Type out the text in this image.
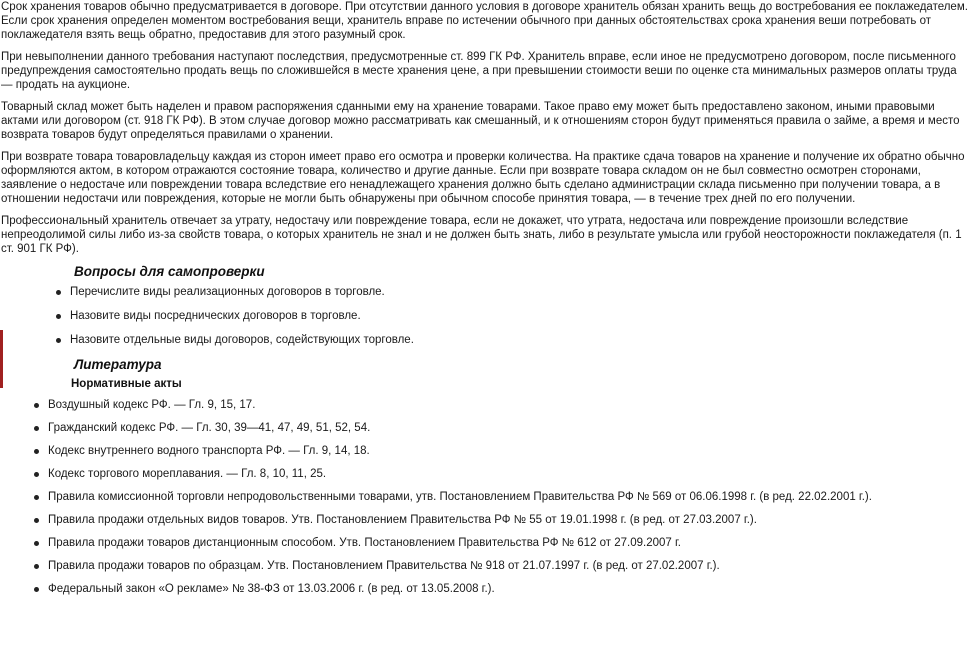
Срок хранения товаров обычно предусматривается в договоре. При отсутствии данного условия в договоре хранитель обязан хранить вещь до востребования ее поклажедателем. Если срок хранения определен моментом востребования вещи, хранитель вправе по истечении обычного при данных обстоятельствах срока хранения веши потребовать от поклажедателя взять вещь обратно, предоставив для этого разумный срок.

При невыполнении данного требования наступают последствия, предусмотренные ст. 899 ГК РФ. Хранитель вправе, если иное не предусмотрено договором, после письменного предупреждения самостоятельно продать вещь по сложившейся в месте хранения цене, а при превышении стоимости веши по оценке ста минимальных размеров оплаты труда — продать на аукционе.

Товарный склад может быть наделен и правом распоряжения сданными ему на хранение товарами. Такое право ему может быть предоставлено законом, иными правовыми актами или договором (ст. 918 ГК РФ). В этом случае договор можно рассматривать как смешанный, и к отношениям сторон будут применяться правила о займе, а время и место возврата товаров будут определяться правилами о хранении.

При возврате товара товаровладельцу каждая из сторон имеет право его осмотра и проверки количества. На практике сдача товаров на хранение и получение их обратно обычно оформляются актом, в котором отражаются состояние товара, количество и другие данные. Если при возврате товара складом он не был совместно осмотрен сторонами, заявление о недостаче или повреждении товара вследствие его ненадлежащего хранения должно быть сделано администрации склада письменно при получении товара, а в отношении недостачи или повреждения, которые не могли быть обнаружены при обычном способе принятия товара, — в течение трех дней по его получении.

Профессиональный хранитель отвечает за утрату, недостачу или повреждение товара, если не докажет, что утрата, недостача или повреждение произошли вследствие непреодолимой силы либо из-за свойств товара, о которых хранитель не знал и не должен быть знать, либо в результате умысла или грубой неосторожности поклажедателя (п. 1 ст. 901 ГК РФ).

Вопросы для самопроверки
Перечислите виды реализационных договоров в торговле.
Назовите виды посреднических договоров в торговле.
Назовите отдельные виды договоров, содействующих торговле.
Литература
Нормативные акты
Воздушный кодекс РФ. — Гл. 9, 15, 17.
Гражданский кодекс РФ. — Гл. 30, 39—41, 47, 49, 51, 52, 54.
Кодекс внутреннего водного транспорта РФ. — Гл. 9, 14, 18.
Кодекс торгового мореплавания. — Гл. 8, 10, 11, 25.
Правила комиссионной торговли непродовольственными товарами, утв. Постановлением Правительства РФ № 569 от 06.06.1998 г. (в ред. 22.02.2001 г.).
Правила продажи отдельных видов товаров. Утв. Постановлением Правительства РФ № 55 от 19.01.1998 г. (в ред. от 27.03.2007 г.).
Правила продажи товаров дистанционным способом. Утв. Постановлением Правительства РФ № 612 от 27.09.2007 г.
Правила продажи товаров по образцам. Утв. Постановлением Правительства № 918 от 21.07.1997 г. (в ред. от 27.02.2007 г.).
Федеральный закон «О рекламе» № 38-ФЗ от 13.03.2006 г. (в ред. от 13.05.2008 г.).
